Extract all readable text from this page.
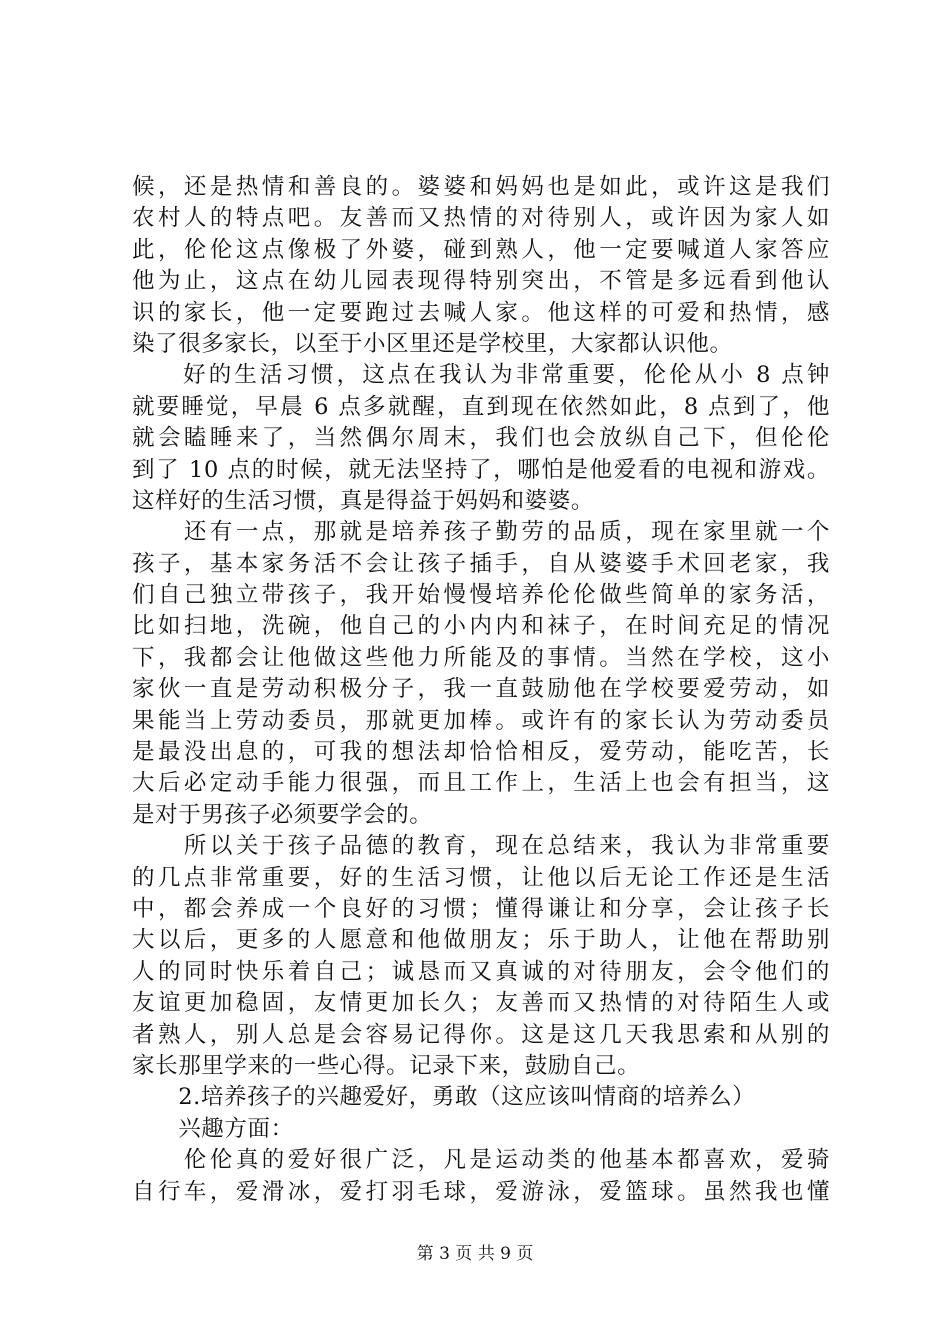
候，还是热情和善良的。婆婆和妈妈也是如此，或许这是我们
农村人的特点吧。友善而又热情的对待别人，或许因为家人如
此，伦伦这点像极了外婆，碰到熟人，他一定要喊道人家答应
他为止，这点在幼儿园表现得特别突出，不管是多远看到他认
识的家长，他一定要跑过去喊人家。他这样的可爱和热情，感
染了很多家长，以至于小区里还是学校里，大家都认识他。
　　好的生活习惯，这点在我认为非常重要，伦伦从小 8 点钟
就要睡觉，早晨 6 点多就醒，直到现在依然如此，8 点到了，他
就会瞌睡来了，当然偶尔周末，我们也会放纵自己下，但伦伦
到了 10 点的时候，就无法坚持了，哪怕是他爱看的电视和游戏。
这样好的生活习惯，真是得益于妈妈和婆婆。
　　还有一点，那就是培养孩子勤劳的品质，现在家里就一个
孩子，基本家务活不会让孩子插手，自从婆婆手术回老家，我
们自己独立带孩子，我开始慢慢培养伦伦做些简单的家务活，
比如扫地，洗碗，他自己的小内内和袜子，在时间充足的情况
下，我都会让他做这些他力所能及的事情。当然在学校，这小
家伙一直是劳动积极分子，我一直鼓励他在学校要爱劳动，如
果能当上劳动委员，那就更加棒。或许有的家长认为劳动委员
是最没出息的，可我的想法却恰恰相反，爱劳动，能吃苦，长
大后必定动手能力很强，而且工作上，生活上也会有担当，这
是对于男孩子必须要学会的。
　　所以关于孩子品德的教育，现在总结来，我认为非常重要
的几点非常重要，好的生活习惯，让他以后无论工作还是生活
中，都会养成一个良好的习惯；懂得谦让和分享，会让孩子长
大以后，更多的人愿意和他做朋友；乐于助人，让他在帮助别
人的同时快乐着自己；诚恳而又真诚的对待朋友，会令他们的
友谊更加稳固，友情更加长久；友善而又热情的对待陌生人或
者熟人，别人总是会容易记得你。这是这几天我思索和从别的
家长那里学来的一些心得。记录下来，鼓励自己。
　　2.培养孩子的兴趣爱好，勇敢（这应该叫情商的培养么）
　　兴趣方面：
　　伦伦真的爱好很广泛，凡是运动类的他基本都喜欢，爱骑
自行车，爱滑冰，爱打羽毛球，爱游泳，爱篮球。虽然我也懂
第 3 页 共 9 页
